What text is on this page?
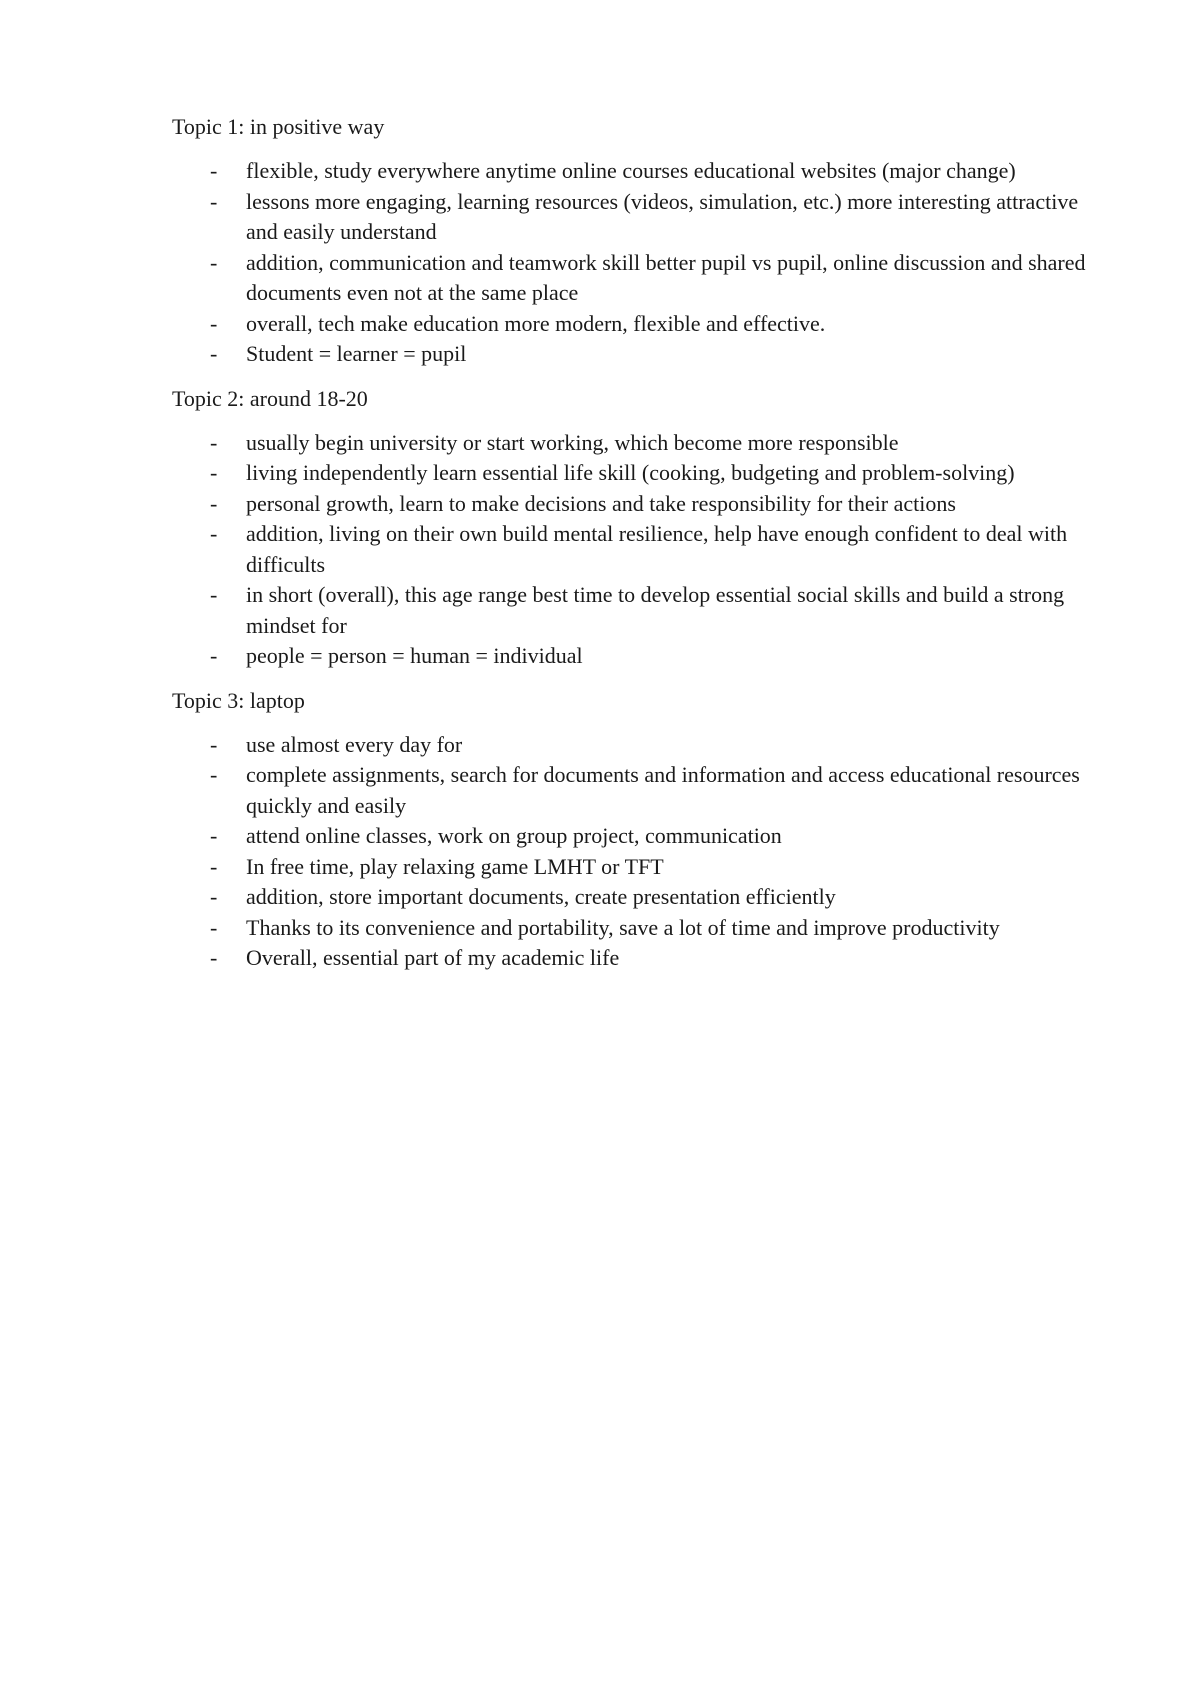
Topic 1: in positive way

- flexible, study everywhere anytime online courses educational websites (major change)
- lessons more engaging, learning resources (videos, simulation, etc.) more interesting attractive and easily understand
- addition, communication and teamwork skill better pupil vs pupil, online discussion and shared documents even not at the same place
- overall, tech make education more modern, flexible and effective.
- Student = learner = pupil

Topic 2: around 18-20

- usually begin university or start working, which become more responsible
- living independently learn essential life skill (cooking, budgeting and problem-solving)
- personal growth, learn to make decisions and take responsibility for their actions
- addition, living on their own build mental resilience, help have enough confident to deal with difficults
- in short (overall), this age range best time to develop essential social skills and build a strong mindset for
- people = person = human = individual

Topic 3: laptop

- use almost every day for
- complete assignments, search for documents and information and access educational resources quickly and easily
- attend online classes, work on group project, communication
- In free time, play relaxing game LMHT or TFT
- addition, store important documents, create presentation efficiently
- Thanks to its convenience and portability, save a lot of time and improve productivity
- Overall, essential part of my academic life
